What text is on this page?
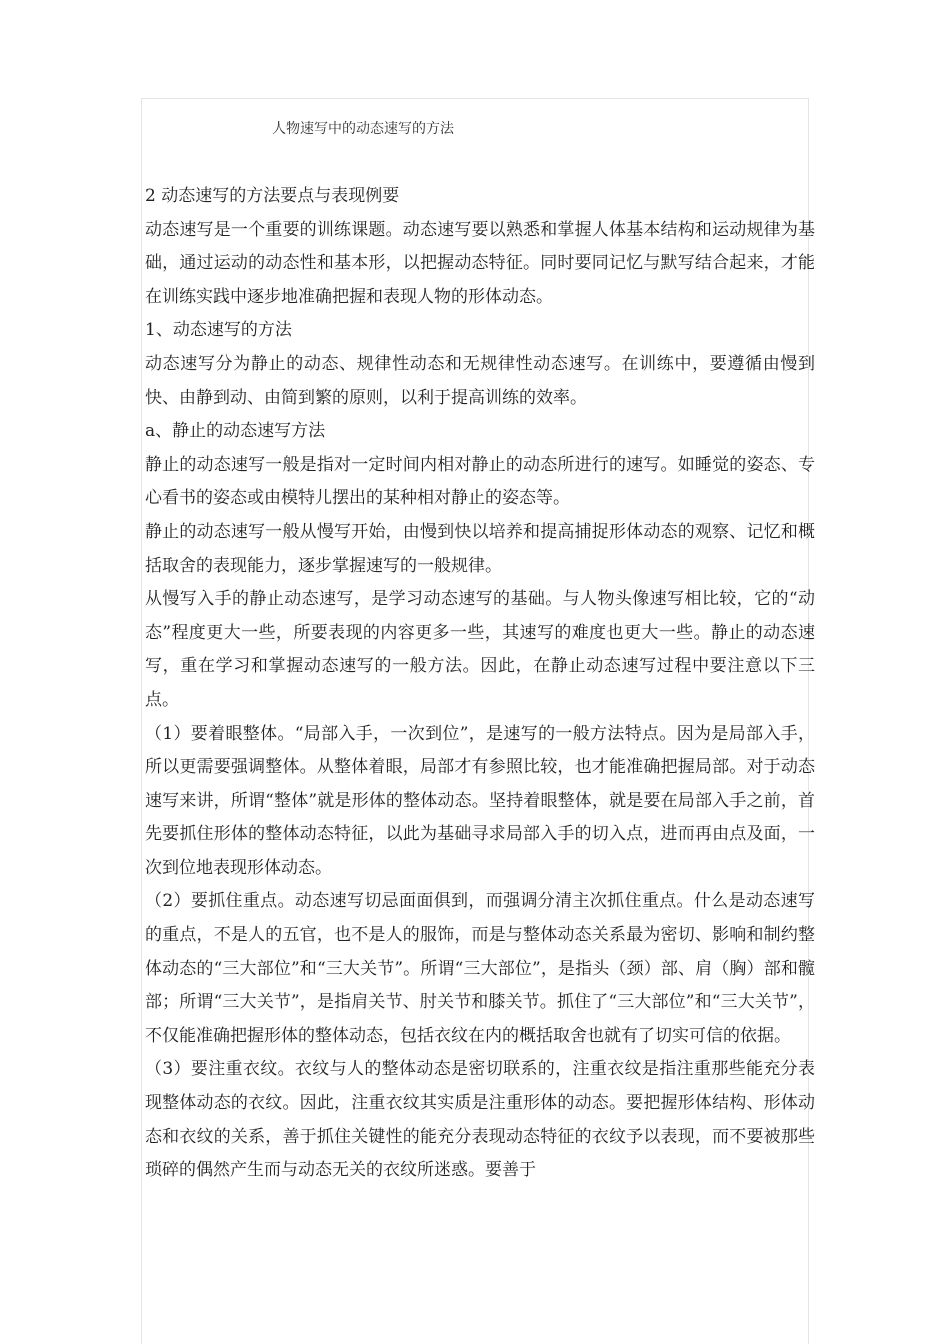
人物速写中的动态速写的方法

2 动态速写的方法要点与表现例要

动态速写是一个重要的训练课题。动态速写要以熟悉和掌握人体基本结构和运动规律为基础，通过运动的动态性和基本形，以把握动态特征。同时要同记忆与默写结合起来，才能在训练实践中逐步地准确把握和表现人物的形体动态。

1、动态速写的方法

动态速写分为静止的动态、规律性动态和无规律性动态速写。在训练中，要遵循由慢到快、由静到动、由简到繁的原则，以利于提高训练的效率。

a、静止的动态速写方法

静止的动态速写一般是指对一定时间内相对静止的动态所进行的速写。如睡觉的姿态、专心看书的姿态或由模特儿摆出的某种相对静止的姿态等。

静止的动态速写一般从慢写开始，由慢到快以培养和提高捕捉形体动态的观察、记忆和概括取舍的表现能力，逐步掌握速写的一般规律。

从慢写入手的静止动态速写，是学习动态速写的基础。与人物头像速写相比较，它的“动态”程度更大一些，所要表现的内容更多一些，其速写的难度也更大一些。静止的动态速写，重在学习和掌握动态速写的一般方法。因此，在静止动态速写过程中要注意以下三点。

（1）要着眼整体。“局部入手，一次到位”，是速写的一般方法特点。因为是局部入手，所以更需要强调整体。从整体着眼，局部才有参照比较，也才能准确把握局部。对于动态速写来讲，所谓“整体”就是形体的整体动态。坚持着眼整体，就是要在局部入手之前，首先要抓住形体的整体动态特征，以此为基础寻求局部入手的切入点，进而再由点及面，一次到位地表现形体动态。

（2）要抓住重点。动态速写切忌面面俱到，而强调分清主次抓住重点。什么是动态速写的重点，不是人的五官，也不是人的服饰，而是与整体动态关系最为密切、影响和制约整体动态的“三大部位”和“三大关节”。所谓“三大部位”，是指头（颈）部、肩（胸）部和髋部；所谓“三大关节”，是指肩关节、肘关节和膝关节。抓住了“三大部位”和“三大关节”，不仅能准确把握形体的整体动态，包括衣纹在内的概括取舍也就有了切实可信的依据。

（3）要注重衣纹。衣纹与人的整体动态是密切联系的，注重衣纹是指注重那些能充分表现整体动态的衣纹。因此，注重衣纹其实质是注重形体的动态。要把握形体结构、形体动态和衣纹的关系，善于抓住关键性的能充分表现动态特征的衣纹予以表现，而不要被那些琐碎的偶然产生而与动态无关的衣纹所迷惑。要善于
